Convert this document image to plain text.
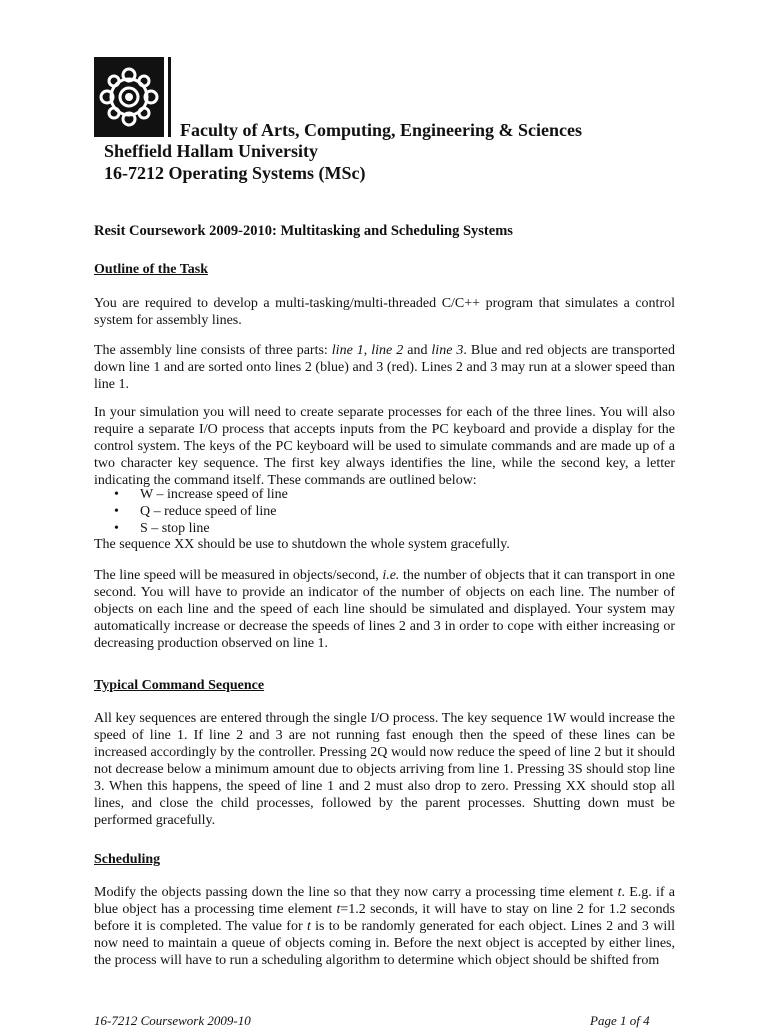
Faculty of Arts, Computing, Engineering & Sciences
Sheffield Hallam University
16-7212 Operating Systems (MSc)
Resit Coursework 2009-2010: Multitasking and Scheduling Systems
Outline of the Task

You are required to develop a multi-tasking/multi-threaded C/C++ program that simulates a control system for assembly lines.

The assembly line consists of three parts: line 1, line 2 and line 3. Blue and red objects are transported down line 1 and are sorted onto lines 2 (blue) and 3 (red). Lines 2 and 3 may run at a slower speed than line 1.

In your simulation you will need to create separate processes for each of the three lines. You will also require a separate I/O process that accepts inputs from the PC keyboard and provide a display for the control system. The keys of the PC keyboard will be used to simulate commands and are made up of a two character key sequence. The first key always identifies the line, while the second key, a letter indicating the command itself. These commands are outlined below:

• W – increase speed of line
• Q – reduce speed of line
• S – stop line

The sequence XX should be use to shutdown the whole system gracefully.

The line speed will be measured in objects/second, i.e. the number of objects that it can transport in one second. You will have to provide an indicator of the number of objects on each line. The number of objects on each line and the speed of each line should be simulated and displayed. Your system may automatically increase or decrease the speeds of lines 2 and 3 in order to cope with either increasing or decreasing production observed on line 1.

Typical Command Sequence

All key sequences are entered through the single I/O process. The key sequence 1W would increase the speed of line 1. If line 2 and 3 are not running fast enough then the speed of these lines can be increased accordingly by the controller. Pressing 2Q would now reduce the speed of line 2 but it should not decrease below a minimum amount due to objects arriving from line 1. Pressing 3S should stop line 3. When this happens, the speed of line 1 and 2 must also drop to zero. Pressing XX should stop all lines, and close the child processes, followed by the parent processes. Shutting down must be performed gracefully.

Scheduling

Modify the objects passing down the line so that they now carry a processing time element t. E.g. if a blue object has a processing time element t=1.2 seconds, it will have to stay on line 2 for 1.2 seconds before it is completed. The value for t is to be randomly generated for each object. Lines 2 and 3 will now need to maintain a queue of objects coming in. Before the next object is accepted by either lines, the process will have to run a scheduling algorithm to determine which object should be shifted from

16-7212 Coursework 2009-10	Page 1 of 4
